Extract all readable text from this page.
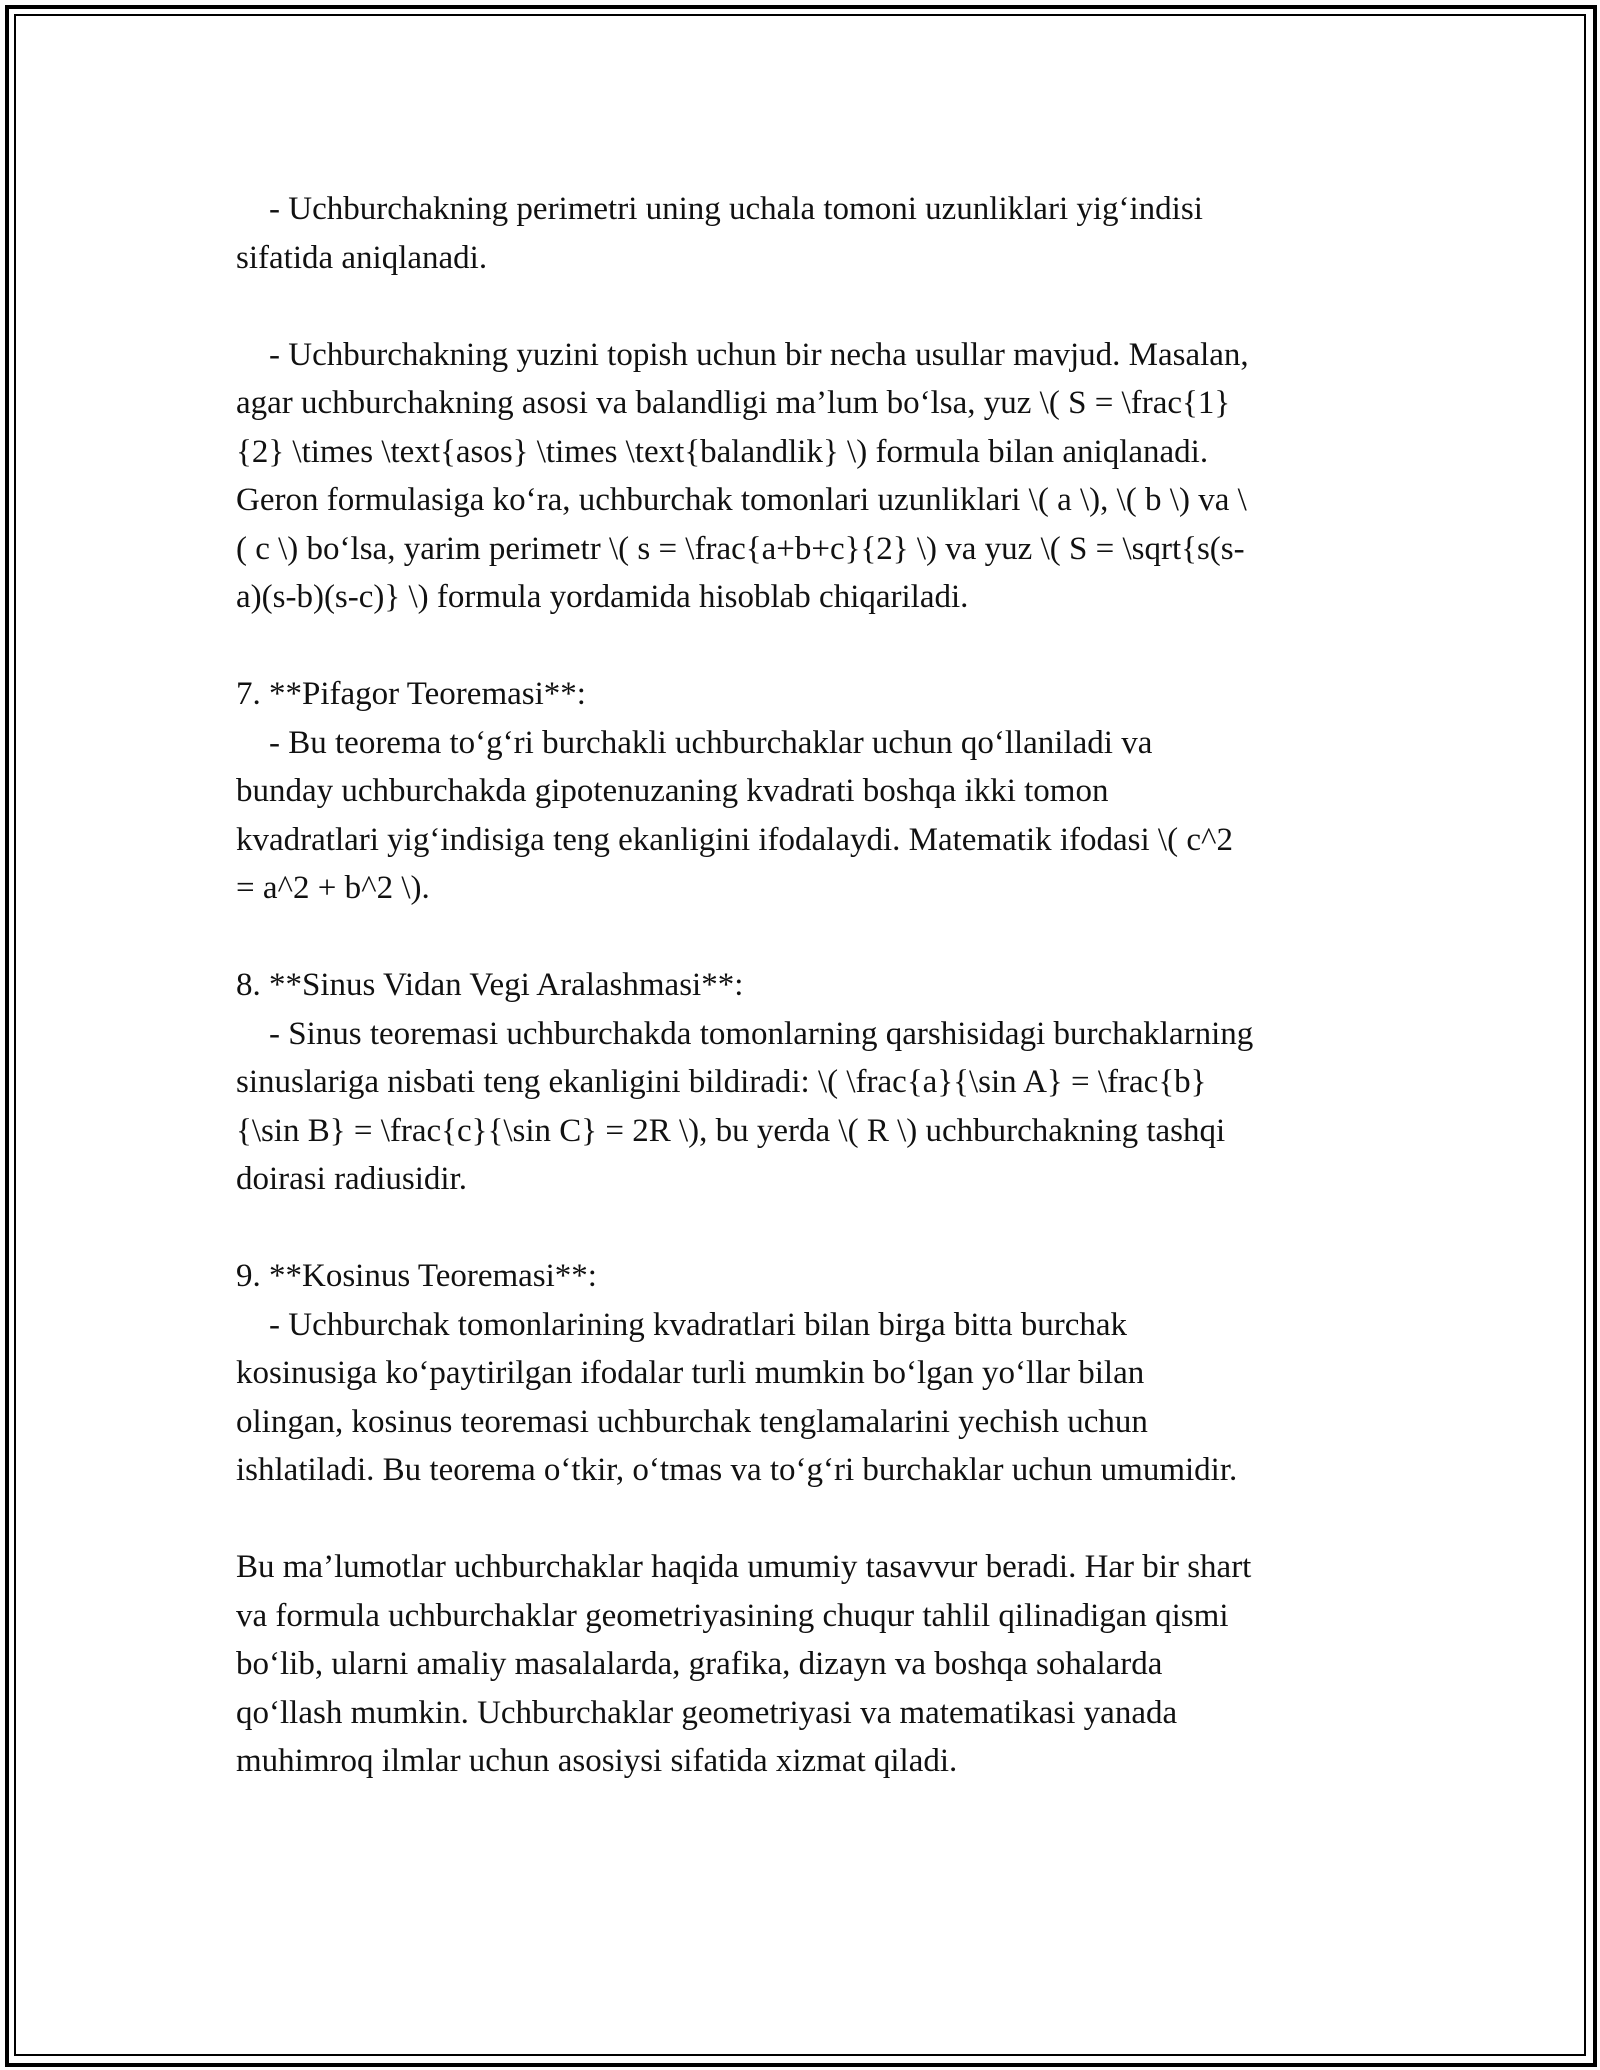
- Uchburchakning perimetri uning uchala tomoni uzunliklari yig‘indisi
sifatida aniqlanadi.
- Uchburchakning yuzini topish uchun bir necha usullar mavjud. Masalan,
agar uchburchakning asosi va balandligi ma’lum bo‘lsa, yuz \( S = \frac{1}
{2} \times \text{asos} \times \text{balandlik} \) formula bilan aniqlanadi.
Geron formulasiga ko‘ra, uchburchak tomonlari uzunliklari \( a \), \( b \) va \
( c \) bo‘lsa, yarim perimetr \( s = \frac{a+b+c}{2} \) va yuz \( S = \sqrt{s(s-
a)(s-b)(s-c)} \) formula yordamida hisoblab chiqariladi.
7. **Pifagor Teoremasi**:
- Bu teorema to‘g‘ri burchakli uchburchaklar uchun qo‘llaniladi va
bunday uchburchakda gipotenuzaning kvadrati boshqa ikki tomon
kvadratlari yig‘indisiga teng ekanligini ifodalaydi. Matematik ifodasi \( c^2
= a^2 + b^2 \).
8. **Sinus Vidan Vegi Aralashmasi**:
- Sinus teoremasi uchburchakda tomonlarning qarshisidagi burchaklarning
sinuslariga nisbati teng ekanligini bildiradi: \( \frac{a}{\sin A} = \frac{b}
{\sin B} = \frac{c}{\sin C} = 2R \), bu yerda \( R \) uchburchakning tashqi
doirasi radiusidir.
9. **Kosinus Teoremasi**:
- Uchburchak tomonlarining kvadratlari bilan birga bitta burchak
kosinusiga ko‘paytirilgan ifodalar turli mumkin bo‘lgan yo‘llar bilan
olingan, kosinus teoremasi uchburchak tenglamalarini yechish uchun
ishlatiladi. Bu teorema o‘tkir, o‘tmas va to‘g‘ri burchaklar uchun umumidir.
Bu ma’lumotlar uchburchaklar haqida umumiy tasavvur beradi. Har bir shart
va formula uchburchaklar geometriyasining chuqur tahlil qilinadigan qismi
bo‘lib, ularni amaliy masalalarda, grafika, dizayn va boshqa sohalarda
qo‘llash mumkin. Uchburchaklar geometriyasi va matematikasi yanada
muhimroq ilmlar uchun asosiysi sifatida xizmat qiladi.
